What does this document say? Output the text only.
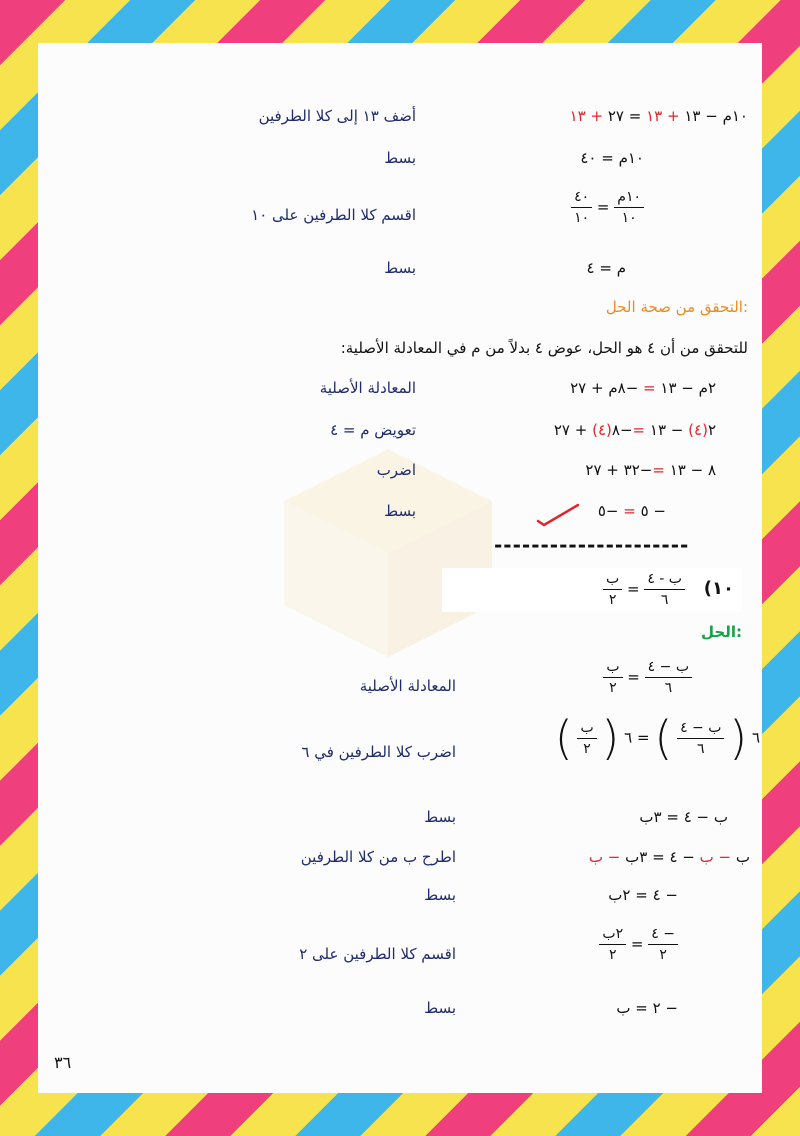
١٠م − ١٣ + ١٣ = ٢٧ + ١٣
أضف ١٣ إلى كلا الطرفين
١٠م = ٤٠
بسط
$\frac{\text{١٠م}}{١٠}$
=
$\frac{٤٠}{١٠}$
اقسم كلا الطرفين على ١٠
م = ٤
بسط
التحقق من صحة الحل:
للتحقق من أن ٤ هو الحل، عوض ٤ بدلاً من م في المعادلة الأصلية:
٢م − ١٣ = −٨م + ٢٧
المعادلة الأصلية
٢(٤) − ١٣ =−٨(٤) + ٢٧
تعويض م = ٤
٨ − ١٣ =−٣٢ + ٢٧
اضرب
− ٥ = −٥
بسط
---------------------
١٠)
$\frac{\text{ب - ٤}}{٦}$
=
$\frac{\text{ب}}{٢}$
الحل:
$\frac{\text{ب − ٤}}{٦}$
=
$\frac{\text{ب}}{٢}$
المعادلة الأصلية
٦ (
$\frac{\text{ب − ٤}}{٦}$
) = ٦ (
$\frac{\text{ب}}{٢}$
)
اضرب كلا الطرفين في ٦
ب − ٤ = ٣ب
بسط
ب − ب − ٤ = ٣ب − ب
اطرح ب من كلا الطرفين
− ٤ = ٢ب
بسط
$\frac{- ٤}{٢}$
=
$\frac{\text{٢ب}}{٢}$
اقسم كلا الطرفين على ٢
− ٢ = ب
بسط
٣٦
